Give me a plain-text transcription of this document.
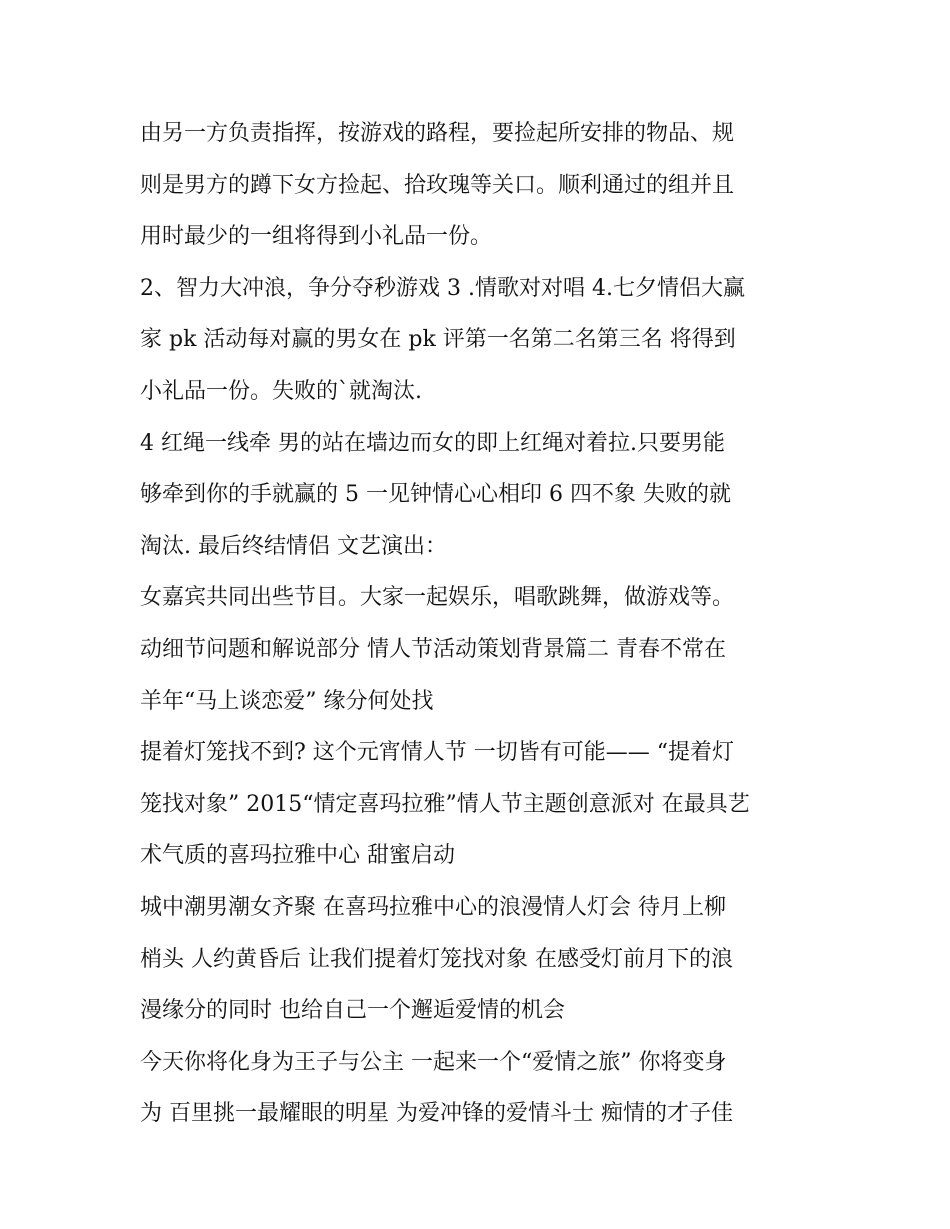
由另一方负责指挥，按游戏的路程，要捡起所安排的物品、规
则是男方的蹲下女方捡起、拾玫瑰等关口。顺利通过的组并且
用时最少的一组将得到小礼品一份。
2、智力大冲浪，争分夺秒游戏 3 .情歌对对唱 4.七夕情侣大赢
家 pk 活动每对赢的男女在 pk 评第一名第二名第三名 将得到
小礼品一份。失败的`就淘汰.
4 红绳一线牵 男的站在墙边而女的即上红绳对着拉.只要男能
够牵到你的手就赢的 5 一见钟情心心相印 6 四不象 失败的就
淘汰. 最后终结情侣 文艺演出：
女嘉宾共同出些节目。大家一起娱乐，唱歌跳舞，做游戏等。
动细节问题和解说部分 情人节活动策划背景篇二 青春不常在
羊年“马上谈恋爱” 缘分何处找
提着灯笼找不到? 这个元宵情人节 一切皆有可能—— “提着灯
笼找对象” 2015“情定喜玛拉雅”情人节主题创意派对 在最具艺
术气质的喜玛拉雅中心 甜蜜启动
城中潮男潮女齐聚 在喜玛拉雅中心的浪漫情人灯会 待月上柳
梢头 人约黄昏后 让我们提着灯笼找对象 在感受灯前月下的浪
漫缘分的同时 也给自己一个邂逅爱情的机会
今天你将化身为王子与公主 一起来一个“爱情之旅” 你将变身
为 百里挑一最耀眼的明星 为爱冲锋的爱情斗士 痴情的才子佳
